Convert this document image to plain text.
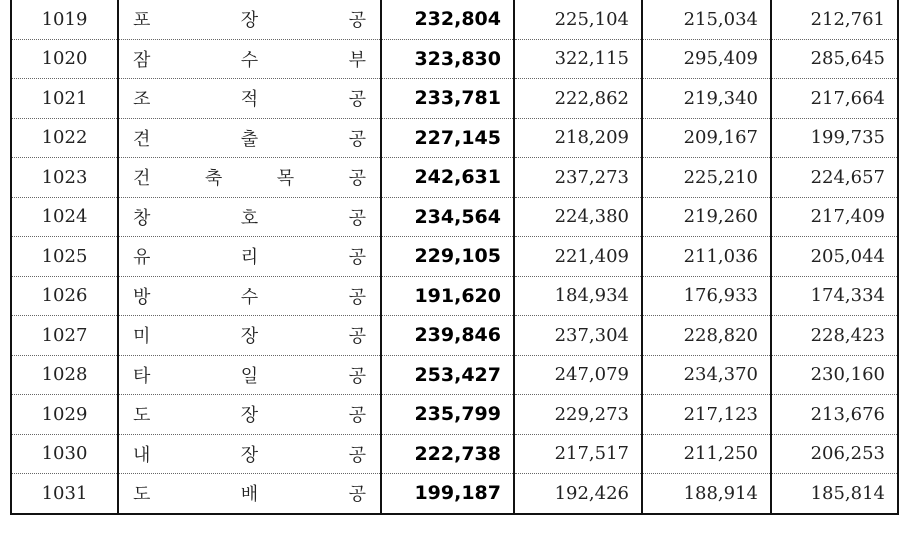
1019	포 장 공	232,804	225,104	215,034	212,761
1020	잠 수 부	323,830	322,115	295,409	285,645
1021	조 적 공	233,781	222,862	219,340	217,664
1022	견 출 공	227,145	218,209	209,167	199,735
1023	건 축 목 공	242,631	237,273	225,210	224,657
1024	창 호 공	234,564	224,380	219,260	217,409
1025	유 리 공	229,105	221,409	211,036	205,044
1026	방 수 공	191,620	184,934	176,933	174,334
1027	미 장 공	239,846	237,304	228,820	228,423
1028	타 일 공	253,427	247,079	234,370	230,160
1029	도 장 공	235,799	229,273	217,123	213,676
1030	내 장 공	222,738	217,517	211,250	206,253
1031	도 배 공	199,187	192,426	188,914	185,814
